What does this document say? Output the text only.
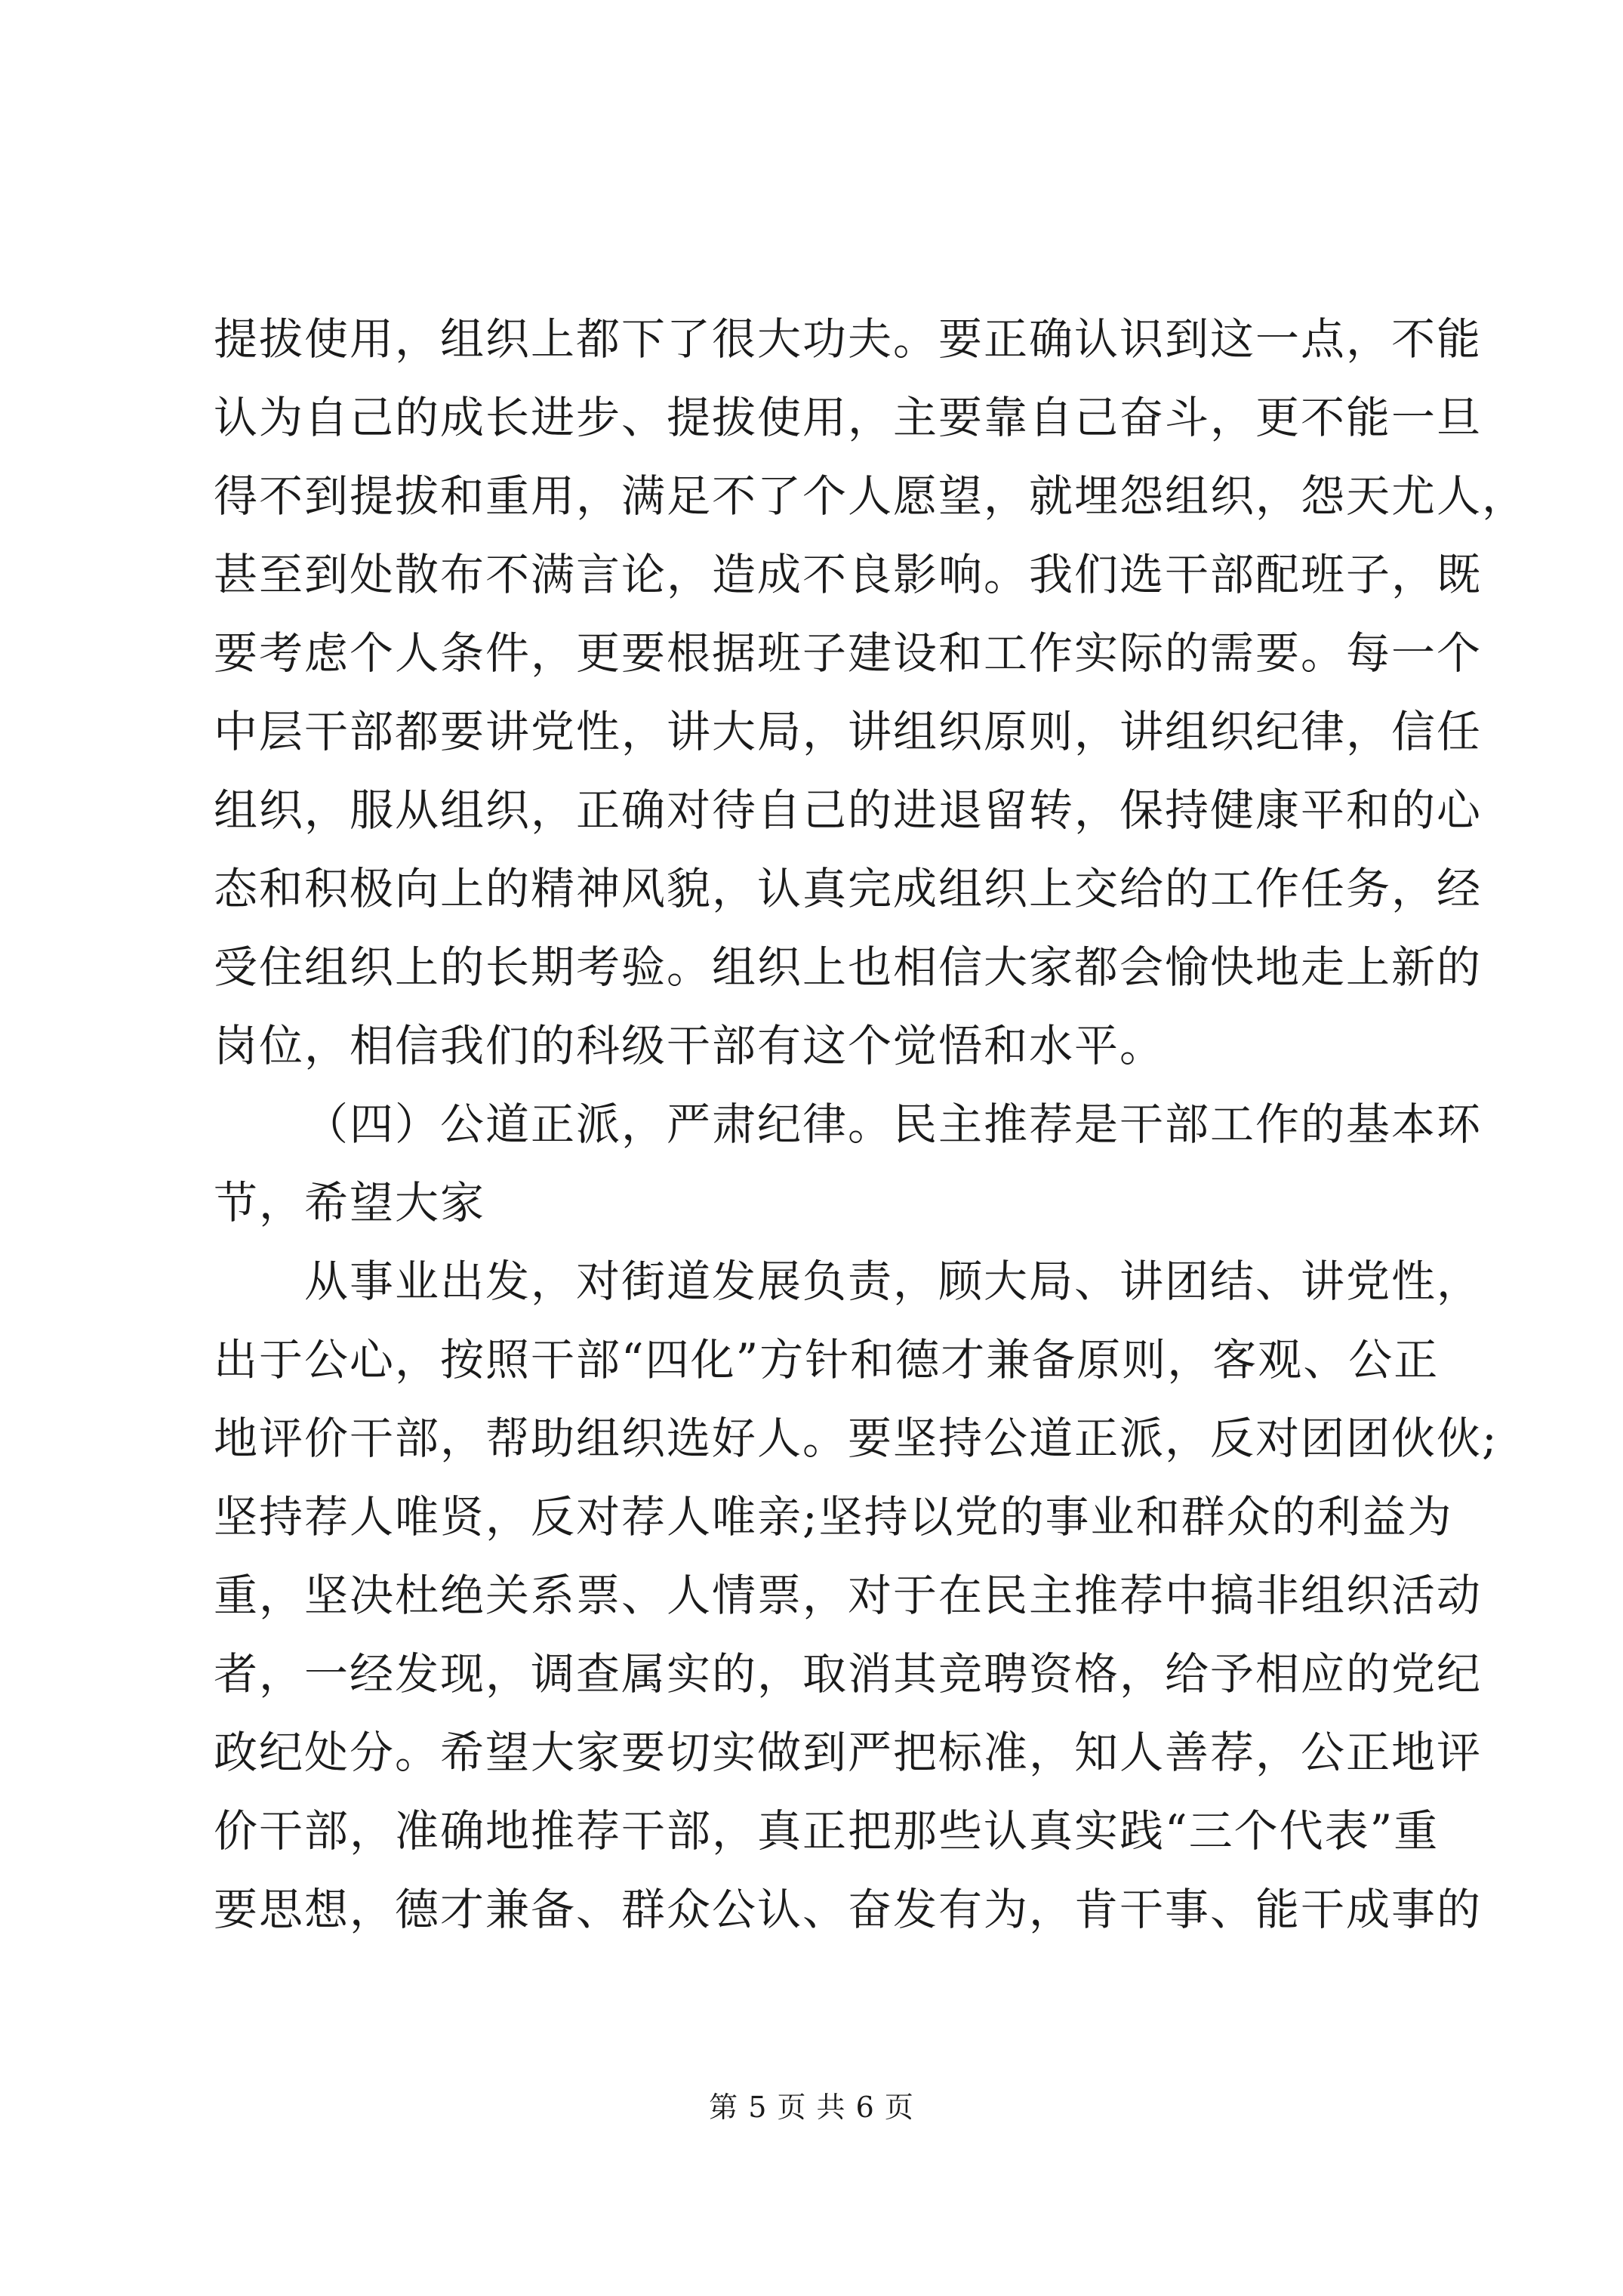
提拔使用，组织上都下了很大功夫。要正确认识到这一点，不能
认为自己的成长进步、提拔使用，主要靠自己奋斗，更不能一旦
得不到提拔和重用，满足不了个人愿望，就埋怨组织，怨天尤人，
甚至到处散布不满言论，造成不良影响。我们选干部配班子，既
要考虑个人条件，更要根据班子建设和工作实际的需要。每一个
中层干部都要讲党性，讲大局，讲组织原则，讲组织纪律，信任
组织，服从组织，正确对待自己的进退留转，保持健康平和的心
态和积极向上的精神风貌，认真完成组织上交给的工作任务，经
受住组织上的长期考验。组织上也相信大家都会愉快地走上新的
岗位，相信我们的科级干部有这个觉悟和水平。
（四）公道正派，严肃纪律。民主推荐是干部工作的基本环
节，希望大家
从事业出发，对街道发展负责，顾大局、讲团结、讲党性，
出于公心，按照干部“四化”方针和德才兼备原则，客观、公正
地评价干部，帮助组织选好人。要坚持公道正派，反对团团伙伙;
坚持荐人唯贤，反对荐人唯亲;坚持以党的事业和群众的利益为
重，坚决杜绝关系票、人情票，对于在民主推荐中搞非组织活动
者，一经发现，调查属实的，取消其竞聘资格，给予相应的党纪
政纪处分。希望大家要切实做到严把标准，知人善荐，公正地评
价干部，准确地推荐干部，真正把那些认真实践“三个代表”重
要思想，德才兼备、群众公认、奋发有为，肯干事、能干成事的
第 5 页 共 6 页
